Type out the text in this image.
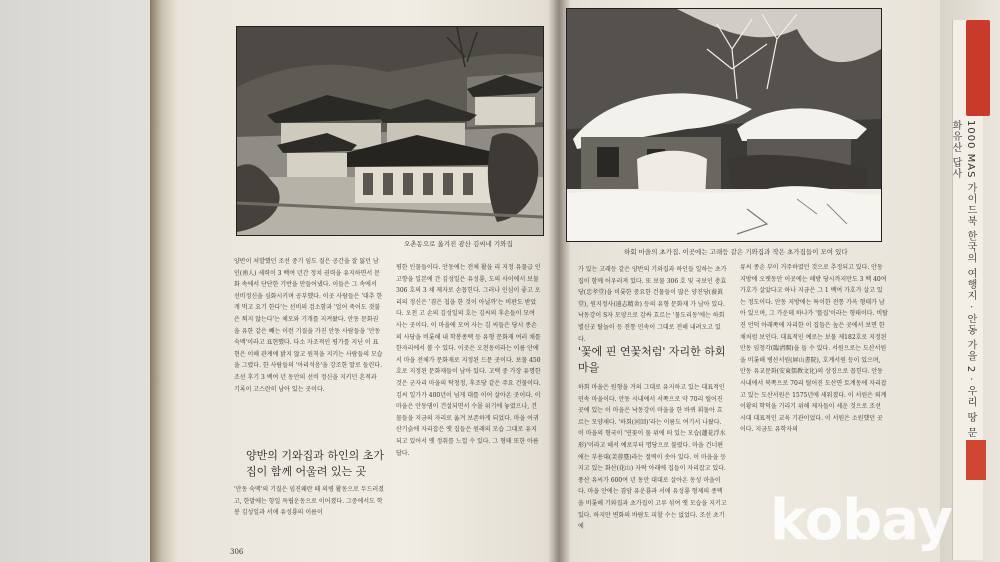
1000 MAS 가이드북 한국의 여행지 · 안동 가을 2 · 우리 땅 문화유산 답사
오촌동으로 옮겨진 광산 김씨네 기와집
하회 마을의 초가집. 이곳에는 고래등 같은 기와집과 작은 초가집들이 모여 있다

양반이 처발했던 조선 중기 임도 질은 공간을 잘 잃던 남인(南人) 세력이 3 백여 년간 정치 권력을 유지하면서 문화 속에서 단단한 기반을 만들어냈다. 이들은 그 속에서 선비정신을 심화시키며 공부했다. 이곳 사람들은 '대추 한 개 먹고 요기 한다'는 선비의 검소함과 '얼어 죽어도 겻불은 쬐지 않는다'는 체모와 기개를 지켜왔다. 안동 문화권을 유한 같은 빼는 이런 기질을 가진 안동 사람들을 '안동 숙맥'이라고 표현했다. 다소 자조적인 평가를 지닌 이 표현은 이해 관계에 밝지 않고 원칙을 지키는 사람들의 모습을 그렸다. 한 사람들의 '아리석음'을 강조한 말로 들린다. 조선 후기 3 백여 년 동안의 선비 정신을 지키던 흔적과 기록이 고스란히 남아 있는 곳이다.

양반의 기와집과 하인의 초가집이 함께 어울려 있는 곳

'안동 숙맥'의 기질은 임진왜란 때 의병 활동으로 두드러졌고, 한말에는 항일 독립운동으로 이어졌다. 그중에서도 학봉 김성일과 서애 유성룡의 이름이

평한 인물들이다. 안동에는 전체 활을 리 지정 유물급 인 고향을 일본에 간 김성일은 유성룡, 도의 사이에서 보물 306 호의 3 채 제자로 손꼽힌다. 그러나 인심이 좋고 오리의 정신은 '겸은 칩을 한 것이 아닐까'는 비판도 받았다. 오천 고 손의 김성일의 호는 김씨의 후손들이 모여 사는 곳이다. 이 마을에 모여 사는 김 씨들은 당시 종손의 사당을 비롯해 내 학봉종택 등 유형 문화재 여러 채를 한자리에서 볼 수 있다. 이곳은 오천동이라는 이름 안에서 마을 전체가 문화재로 지정된 드문 곳이다. 보물 450호로 지정된 문화재들이 남아 있다. 고택 중 가장 유명한 것은 군자리 마을의 탁청정, 후조당 같은 주요 건물이다. 김씨 일가가 400년이 넘게 대를 이어 살아온 곳이다. 이 마을은 안동댐이 건설되면서 수몰 위기에 놓였으나, 건물들을 지금의 자리로 옮겨 보존하게 되었다. 마을 어귀 산기슭에 자리잡은 옛 집들은 원래의 모습 그대로 유지되고 있어서 옛 정취를 느낄 수 있다. 그 형태 또한 아름답다.

306

가 있는 고래등 같은 양반의 기와집과 하인들 일하는 초가집이 함께 어우러져 있다. 또 보물 306 호 및 국보인 충효당(忠孝堂)을 비롯한 중요한 건물들이 많은 양진당(養眞堂), 원지정사(遠志精舍) 등의 유형 문화재 가 남아 있다. 낙동강이 S자 모양으로 감싸 흐르는 '물도리동'에는 하회 별신굿 탈놀이 등 전통 민속이 그대로 전해 내려오고 있다.

'꽃에 핀 연꽃처럼' 자리한 하회 마을

하회 마을은 원형을 거의 그대로 유지하고 있는 대표적인 민속 마을이다. 안동 시내에서 서쪽으로 약 70리 떨어진 곳에 있는 이 마을은 낙동강이 마을을 한 바퀴 휘돌아 흐르는 모양새다. '하회(河回)'라는 이름도 여기서 나왔다. 이 마을의 형국이 '연꽃이 물 위에 떠 있는 모습(蓮花浮水形)'이라고 해서 예로부터 명당으로 불렸다. 마을 건너편에는 부용대(芙蓉臺)라는 절벽이 솟아 있다. 이 마을을 등지고 있는 화산(花山) 자락 아래에 집들이 자리잡고 있다. 풍산 유씨가 600여 년 동안 대대로 살아온 동성 마을이다. 마을 안에는 겸암 유운룡과 서애 유성룡 형제의 종택을 비롯해 기와집과 초가집이 고루 섞여 옛 모습을 지키고 있다. 하지만 변화의 바람도 피할 수는 없었다. 조선 초기에

류씨 종손 부이 거주하였던 것으로 추정되고 있다. 안동 지방에 오랫동안 이곳에는 해방 당시까지만도 3 백 40여 가호가 살았다고 하나 지금은 그 1 백여 가호가 살고 있는 정도이다. 안동 지방에는 특이한 전통 가옥 형태가 남아 있으며, 그 가운데 하나가 '뜰집'이라는 형태이다. 비탈진 언덕 아래쪽에 자리한 이 집들은 높은 곳에서 보면 한 채처럼 보인다. 대표적인 예로는 보물 제182호로 지정된 안동 임청각(臨淸閣)을 들 수 있다. 서원으로는 도산서원을 비롯해 병산서원(屛山書院), 호계서원 등이 있으며, 안동 유교문화(安東儒敎文化)의 상징으로 꼽힌다. 안동시내에서 북쪽으로 70리 떨어진 도산면 토계동에 자리잡고 있는 도산서원은 1575년에 세워졌다. 이 서원은 퇴계 이황의 학덕을 기리기 위해 제자들이 세운 것으로 조선 시대 대표적인 교육 기관이었다. 이 서원은 소원했던 곳이다. 지금도 유학자의

kobay
